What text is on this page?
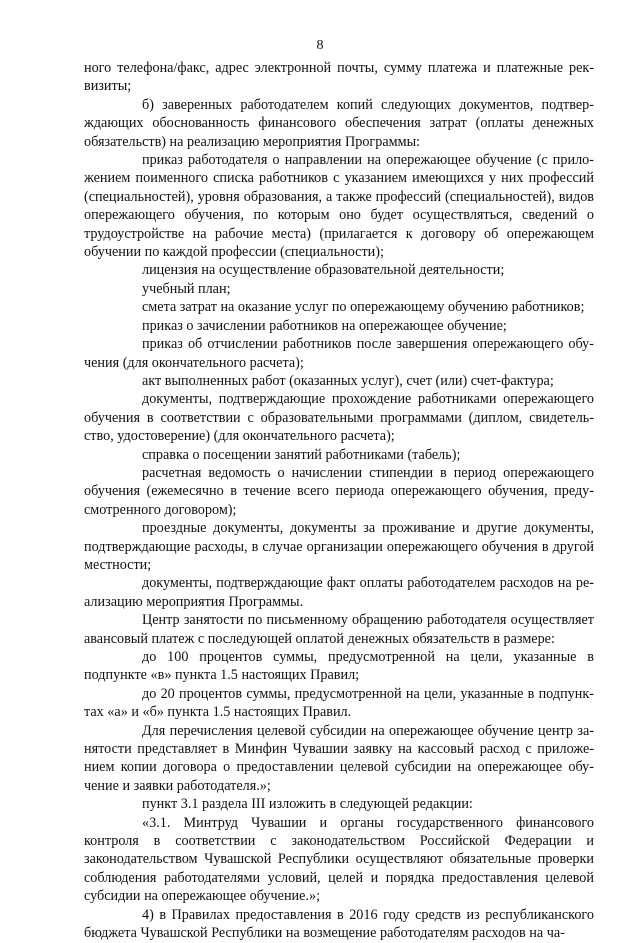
8

ного телефона/факс, адрес электронной почты, сумму платежа и платежные реквизиты;

б) заверенных работодателем копий следующих документов, подтверждающих обоснованность финансового обеспечения затрат (оплаты денежных обязательств) на реализацию мероприятия Программы:

приказ работодателя о направлении на опережающее обучение (с приложением поименного списка работников с указанием имеющихся у них профессий (специальностей), уровня образования, а также профессий (специальностей), видов опережающего обучения, по которым оно будет осуществляться, сведений о трудоустройстве на рабочие места) (прилагается к договору об опережающем обучении по каждой профессии (специальности);

лицензия на осуществление образовательной деятельности;

учебный план;

смета затрат на оказание услуг по опережающему обучению работников;

приказ о зачислении работников на опережающее обучение;

приказ об отчислении работников после завершения опережающего обучения (для окончательного расчета);

акт выполненных работ (оказанных услуг), счет (или) счет-фактура;

документы, подтверждающие прохождение работниками опережающего обучения в соответствии с образовательными программами (диплом, свидетельство, удостоверение) (для окончательного расчета);

справка о посещении занятий работниками (табель);

расчетная ведомость о начислении стипендии в период опережающего обучения (ежемесячно в течение всего периода опережающего обучения, предусмотренного договором);

проездные документы, документы за проживание и другие документы, подтверждающие расходы, в случае организации опережающего обучения в другой местности;

документы, подтверждающие факт оплаты работодателем расходов на реализацию мероприятия Программы.

Центр занятости по письменному обращению работодателя осуществляет авансовый платеж с последующей оплатой денежных обязательств в размере:

до 100 процентов суммы, предусмотренной на цели, указанные в подпункте «в» пункта 1.5 настоящих Правил;

до 20 процентов суммы, предусмотренной на цели, указанные в подпунктах «а» и «б» пункта 1.5 настоящих Правил.

Для перечисления целевой субсидии на опережающее обучение центр занятости представляет в Минфин Чувашии заявку на кассовый расход с приложением копии договора о предоставлении целевой субсидии на опережающее обучение и заявки работодателя.»;

пункт 3.1 раздела III изложить в следующей редакции:

«3.1. Минтруд Чувашии и органы государственного финансового контроля в соответствии с законодательством Российской Федерации и законодательством Чувашской Республики осуществляют обязательные проверки соблюдения работодателями условий, целей и порядка предоставления целевой субсидии на опережающее обучение.»;

4) в Правилах предоставления в 2016 году средств из республиканского бюджета Чувашской Республики на возмещение работодателям расходов на ча-
